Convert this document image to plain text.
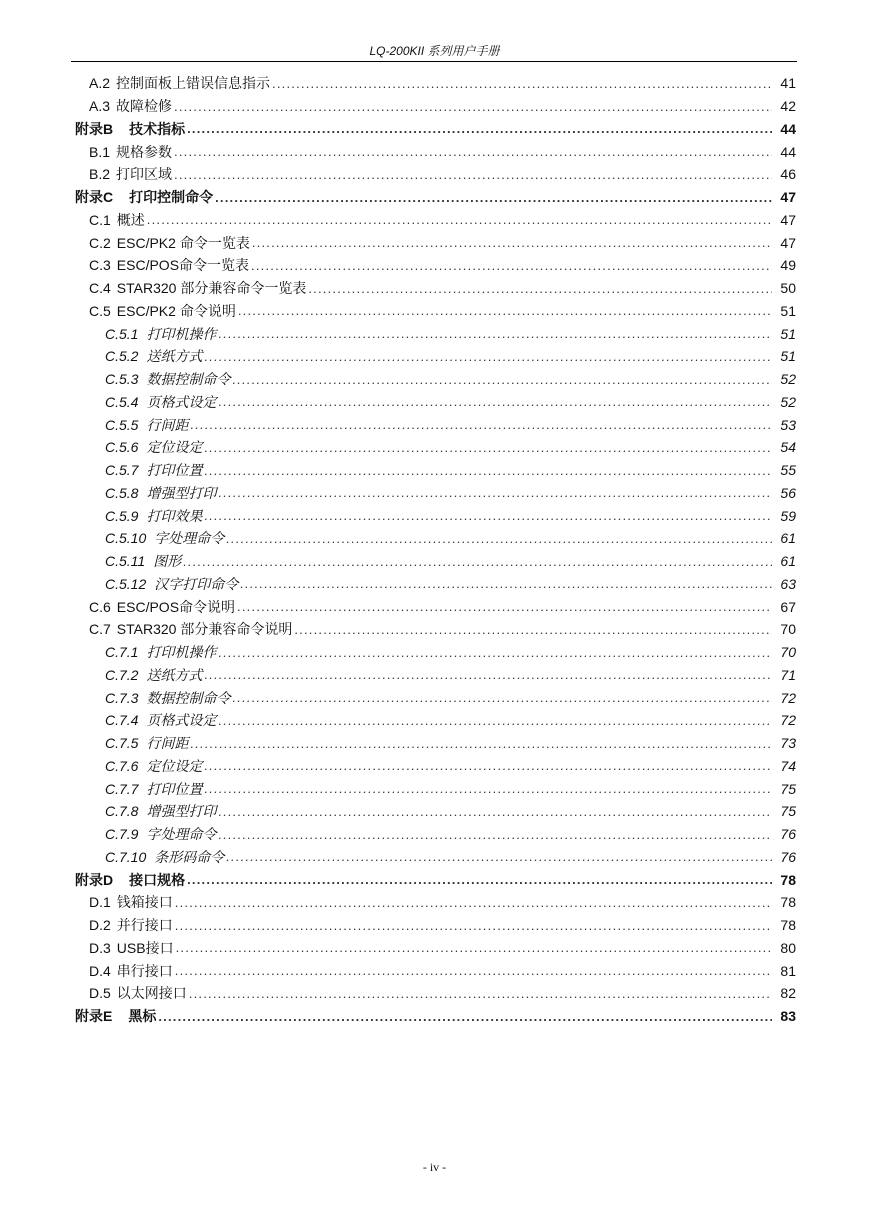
LQ-200KII 系列用户手册
A.2 控制面板上错误信息指示 .....	41
A.3 故障检修 .....	42
附录B 技术指标 .....	44
B.1 规格参数 .....	44
B.2 打印区域 .....	46
附录C 打印控制命令 .....	47
C.1 概述 .....	47
C.2 ESC/PK2 命令一览表 .....	47
C.3 ESC/POS命令一览表 .....	49
C.4 STAR320 部分兼容命令一览表 .....	50
C.5 ESC/PK2 命令说明 .....	51
C.5.1 打印机操作 .....	51
C.5.2 送纸方式 .....	51
C.5.3 数据控制命令 .....	52
C.5.4 页格式设定 .....	52
C.5.5 行间距 .....	53
C.5.6 定位设定 .....	54
C.5.7 打印位置 .....	55
C.5.8 增强型打印 .....	56
C.5.9 打印效果 .....	59
C.5.10 字处理命令 .....	61
C.5.11 图形 .....	61
C.5.12 汉字打印命令 .....	63
C.6 ESC/POS命令说明 .....	67
C.7 STAR320 部分兼容命令说明 .....	70
C.7.1 打印机操作 .....	70
C.7.2 送纸方式 .....	71
C.7.3 数据控制命令 .....	72
C.7.4 页格式设定 .....	72
C.7.5 行间距 .....	73
C.7.6 定位设定 .....	74
C.7.7 打印位置 .....	75
C.7.8 增强型打印 .....	75
C.7.9 字处理命令 .....	76
C.7.10 条形码命令 .....	76
附录D 接口规格 .....	78
D.1 钱箱接口 .....	78
D.2 并行接口 .....	78
D.3 USB接口 .....	80
D.4 串行接口 .....	81
D.5 以太网接口 .....	82
附录E 黑标 .....	83
- iv -
